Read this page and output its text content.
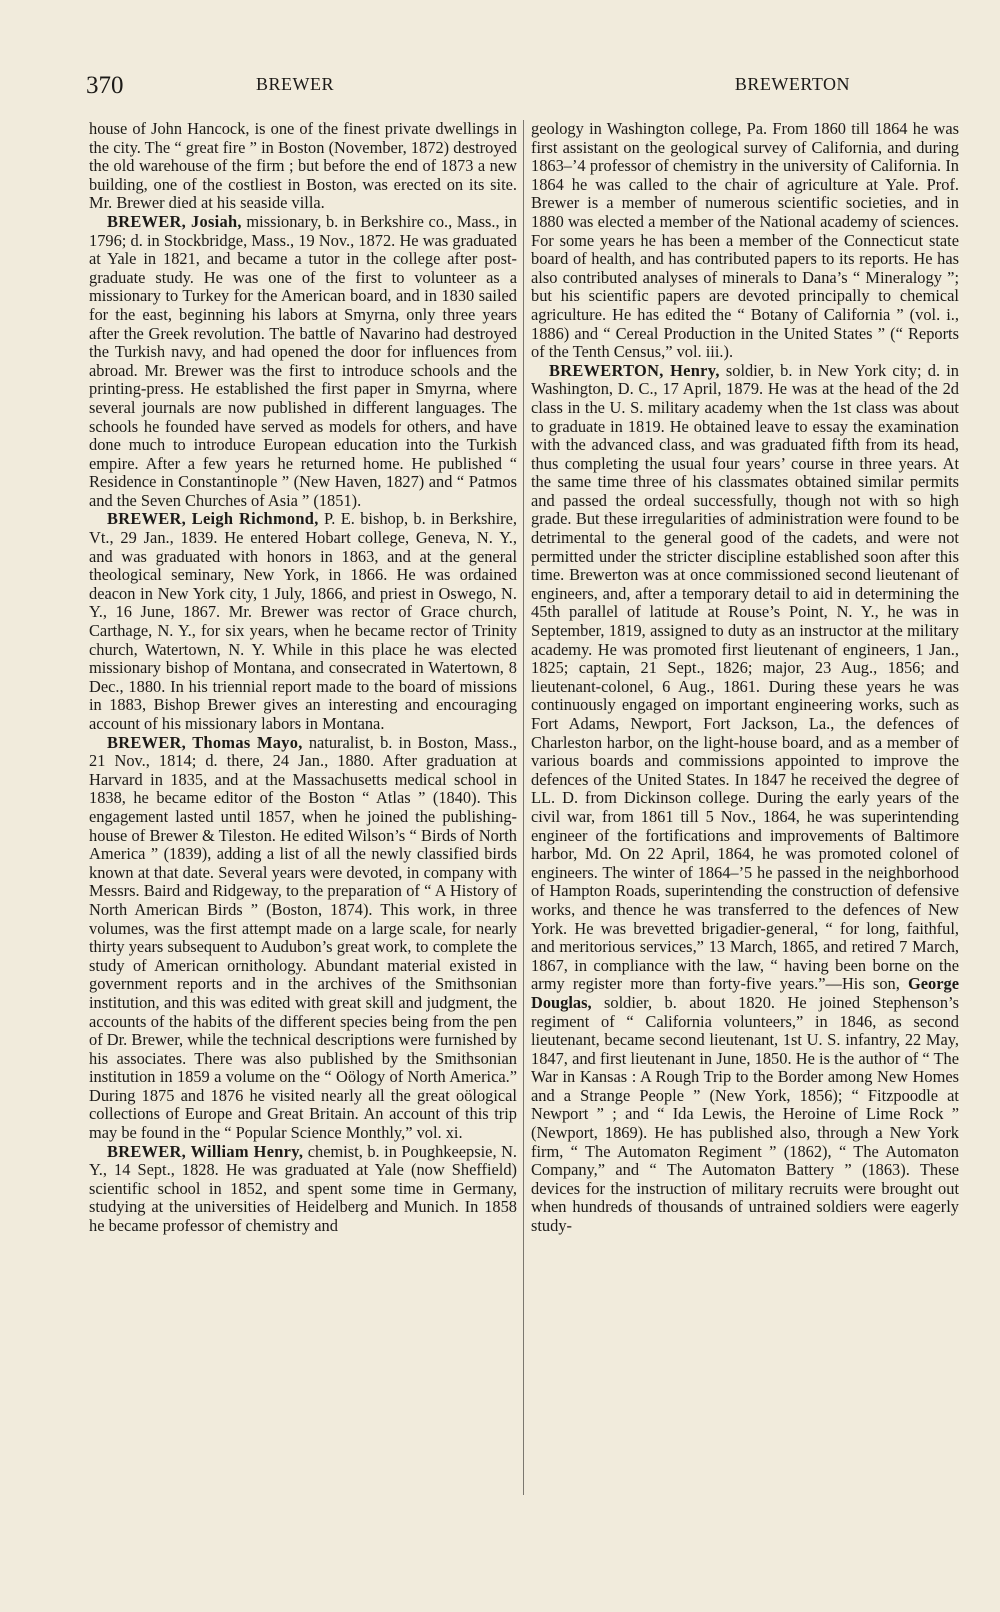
370	BREWER	BREWERTON

house of John Hancock, is one of the finest private dwellings in the city. The “ great fire ” in Boston (November, 1872) destroyed the old warehouse of the firm ; but before the end of 1873 a new building, one of the costliest in Boston, was erected on its site. Mr. Brewer died at his seaside villa.

BREWER, Josiah, missionary, b. in Berkshire co., Mass., in 1796; d. in Stockbridge, Mass., 19 Nov., 1872. He was graduated at Yale in 1821, and became a tutor in the college after post-graduate study. He was one of the first to volunteer as a missionary to Turkey for the American board, and in 1830 sailed for the east, beginning his labors at Smyrna, only three years after the Greek revolution. The battle of Navarino had destroyed the Turkish navy, and had opened the door for influences from abroad. Mr. Brewer was the first to introduce schools and the printing-press. He established the first paper in Smyrna, where several journals are now published in different languages. The schools he founded have served as models for others, and have done much to introduce European education into the Turkish empire. After a few years he returned home. He published “ Residence in Constantinople ” (New Haven, 1827) and “ Patmos and the Seven Churches of Asia ” (1851).

BREWER, Leigh Richmond, P. E. bishop, b. in Berkshire, Vt., 29 Jan., 1839. He entered Hobart college, Geneva, N. Y., and was graduated with honors in 1863, and at the general theological seminary, New York, in 1866. He was ordained deacon in New York city, 1 July, 1866, and priest in Oswego, N. Y., 16 June, 1867. Mr. Brewer was rector of Grace church, Carthage, N. Y., for six years, when he became rector of Trinity church, Watertown, N. Y. While in this place he was elected missionary bishop of Montana, and consecrated in Watertown, 8 Dec., 1880. In his triennial report made to the board of missions in 1883, Bishop Brewer gives an interesting and encouraging account of his missionary labors in Montana.

BREWER, Thomas Mayo, naturalist, b. in Boston, Mass., 21 Nov., 1814; d. there, 24 Jan., 1880. After graduation at Harvard in 1835, and at the Massachusetts medical school in 1838, he became editor of the Boston “ Atlas ” (1840). This engagement lasted until 1857, when he joined the publishing-house of Brewer & Tileston. He edited Wilson’s “ Birds of North America ” (1839), adding a list of all the newly classified birds known at that date. Several years were devoted, in company with Messrs. Baird and Ridgeway, to the preparation of “ A History of North American Birds ” (Boston, 1874). This work, in three volumes, was the first attempt made on a large scale, for nearly thirty years subsequent to Audubon’s great work, to complete the study of American ornithology. Abundant material existed in government reports and in the archives of the Smithsonian institution, and this was edited with great skill and judgment, the accounts of the habits of the different species being from the pen of Dr. Brewer, while the technical descriptions were furnished by his associates. There was also published by the Smithsonian institution in 1859 a volume on the “ Oölogy of North America.” During 1875 and 1876 he visited nearly all the great oölogical collections of Europe and Great Britain. An account of this trip may be found in the “ Popular Science Monthly,” vol. xi.

BREWER, William Henry, chemist, b. in Poughkeepsie, N. Y., 14 Sept., 1828. He was graduated at Yale (now Sheffield) scientific school in 1852, and spent some time in Germany, studying at the universities of Heidelberg and Munich. In 1858 he became professor of chemistry and

geology in Washington college, Pa. From 1860 till 1864 he was first assistant on the geological survey of California, and during 1863–’4 professor of chemistry in the university of California. In 1864 he was called to the chair of agriculture at Yale. Prof. Brewer is a member of numerous scientific societies, and in 1880 was elected a member of the National academy of sciences. For some years he has been a member of the Connecticut state board of health, and has contributed papers to its reports. He has also contributed analyses of minerals to Dana’s “ Mineralogy ”; but his scientific papers are devoted principally to chemical agriculture. He has edited the “ Botany of California ” (vol. i., 1886) and “ Cereal Production in the United States ” (“ Reports of the Tenth Census,” vol. iii.).

BREWERTON, Henry, soldier, b. in New York city; d. in Washington, D. C., 17 April, 1879. He was at the head of the 2d class in the U. S. military academy when the 1st class was about to graduate in 1819. He obtained leave to essay the examination with the advanced class, and was graduated fifth from its head, thus completing the usual four years’ course in three years. At the same time three of his classmates obtained similar permits and passed the ordeal successfully, though not with so high grade. But these irregularities of administration were found to be detrimental to the general good of the cadets, and were not permitted under the stricter discipline established soon after this time. Brewerton was at once commissioned second lieutenant of engineers, and, after a temporary detail to aid in determining the 45th parallel of latitude at Rouse’s Point, N. Y., he was in September, 1819, assigned to duty as an instructor at the military academy. He was promoted first lieutenant of engineers, 1 Jan., 1825; captain, 21 Sept., 1826; major, 23 Aug., 1856; and lieutenant-colonel, 6 Aug., 1861. During these years he was continuously engaged on important engineering works, such as Fort Adams, Newport, Fort Jackson, La., the defences of Charleston harbor, on the light-house board, and as a member of various boards and commissions appointed to improve the defences of the United States. In 1847 he received the degree of LL. D. from Dickinson college. During the early years of the civil war, from 1861 till 5 Nov., 1864, he was superintending engineer of the fortifications and improvements of Baltimore harbor, Md. On 22 April, 1864, he was promoted colonel of engineers. The winter of 1864–’5 he passed in the neighborhood of Hampton Roads, superintending the construction of defensive works, and thence he was transferred to the defences of New York. He was brevetted brigadier-general, “ for long, faithful, and meritorious services,” 13 March, 1865, and retired 7 March, 1867, in compliance with the law, “ having been borne on the army register more than forty-five years.”—His son, George Douglas, soldier, b. about 1820. He joined Stephenson’s regiment of “ California volunteers,” in 1846, as second lieutenant, became second lieutenant, 1st U. S. infantry, 22 May, 1847, and first lieutenant in June, 1850. He is the author of “ The War in Kansas : A Rough Trip to the Border among New Homes and a Strange People ” (New York, 1856); “ Fitzpoodle at Newport ” ; and “ Ida Lewis, the Heroine of Lime Rock ” (Newport, 1869). He has published also, through a New York firm, “ The Automaton Regiment ” (1862), “ The Automaton Company,” and “ The Automaton Battery ” (1863). These devices for the instruction of military recruits were brought out when hundreds of thousands of untrained soldiers were eagerly study-
